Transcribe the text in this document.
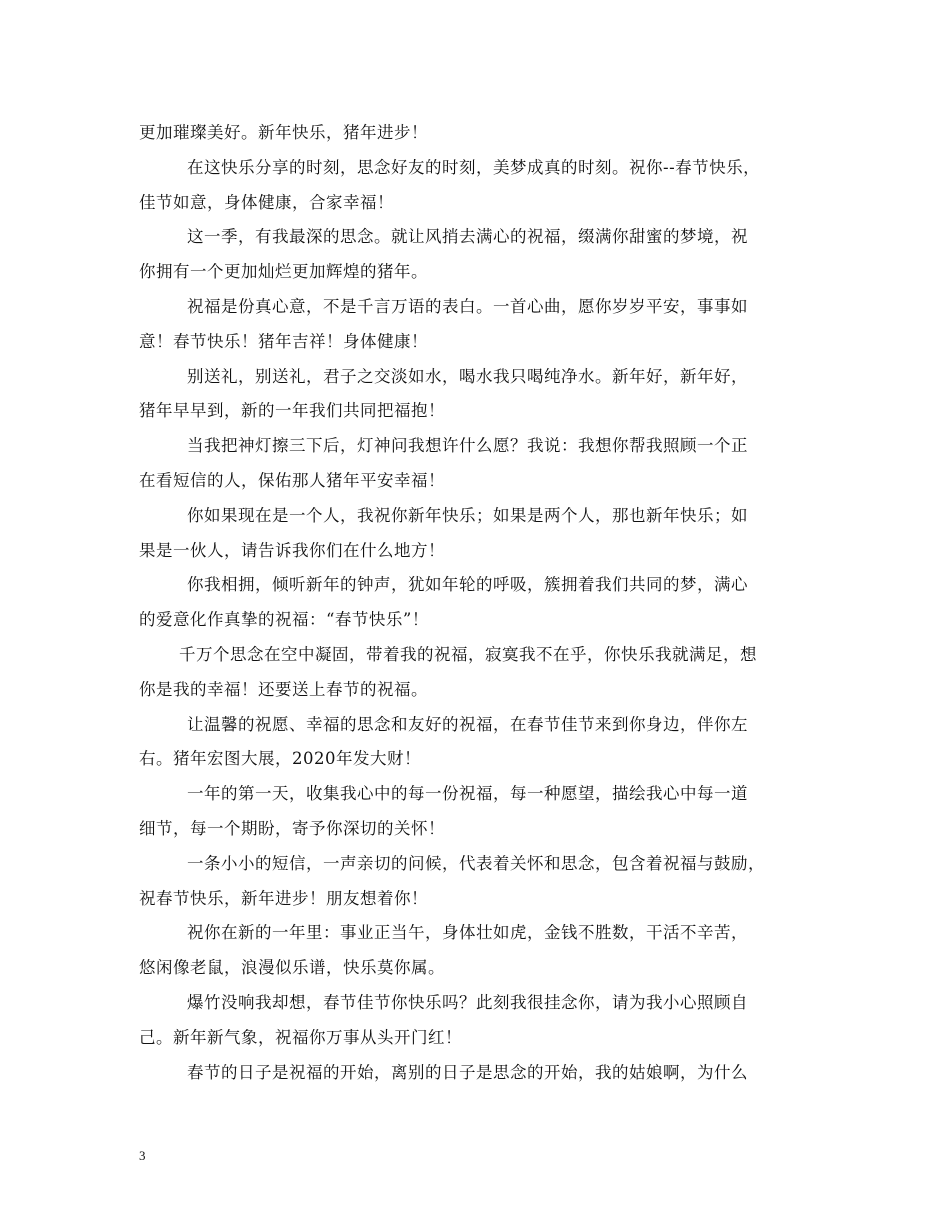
更加璀璨美好。新年快乐，猪年进步！
在这快乐分享的时刻，思念好友的时刻，美梦成真的时刻。祝你--春节快乐，
佳节如意，身体健康，合家幸福！
这一季，有我最深的思念。就让风捎去满心的祝福，缀满你甜蜜的梦境，祝
你拥有一个更加灿烂更加辉煌的猪年。
祝福是份真心意，不是千言万语的表白。一首心曲，愿你岁岁平安，事事如
意！春节快乐！猪年吉祥！身体健康！
别送礼，别送礼，君子之交淡如水，喝水我只喝纯净水。新年好，新年好，
猪年早早到，新的一年我们共同把福抱！
当我把神灯擦三下后，灯神问我想许什么愿？我说：我想你帮我照顾一个正
在看短信的人，保佑那人猪年平安幸福！
你如果现在是一个人，我祝你新年快乐；如果是两个人，那也新年快乐；如
果是一伙人，请告诉我你们在什么地方！
你我相拥，倾听新年的钟声，犹如年轮的呼吸，簇拥着我们共同的梦，满心
的爱意化作真挚的祝福：“春节快乐”！
千万个思念在空中凝固，带着我的祝福，寂寞我不在乎，你快乐我就满足，想
你是我的幸福！还要送上春节的祝福。
让温馨的祝愿、幸福的思念和友好的祝福，在春节佳节来到你身边，伴你左
右。猪年宏图大展，2020年发大财！
一年的第一天，收集我心中的每一份祝福，每一种愿望，描绘我心中每一道
细节，每一个期盼，寄予你深切的关怀！
一条小小的短信，一声亲切的问候，代表着关怀和思念，包含着祝福与鼓励，
祝春节快乐，新年进步！朋友想着你！
祝你在新的一年里：事业正当午，身体壮如虎，金钱不胜数，干活不辛苦，
悠闲像老鼠，浪漫似乐谱，快乐莫你属。
爆竹没响我却想，春节佳节你快乐吗？此刻我很挂念你，请为我小心照顾自
己。新年新气象，祝福你万事从头开门红！
春节的日子是祝福的开始，离别的日子是思念的开始，我的姑娘啊，为什么
3
